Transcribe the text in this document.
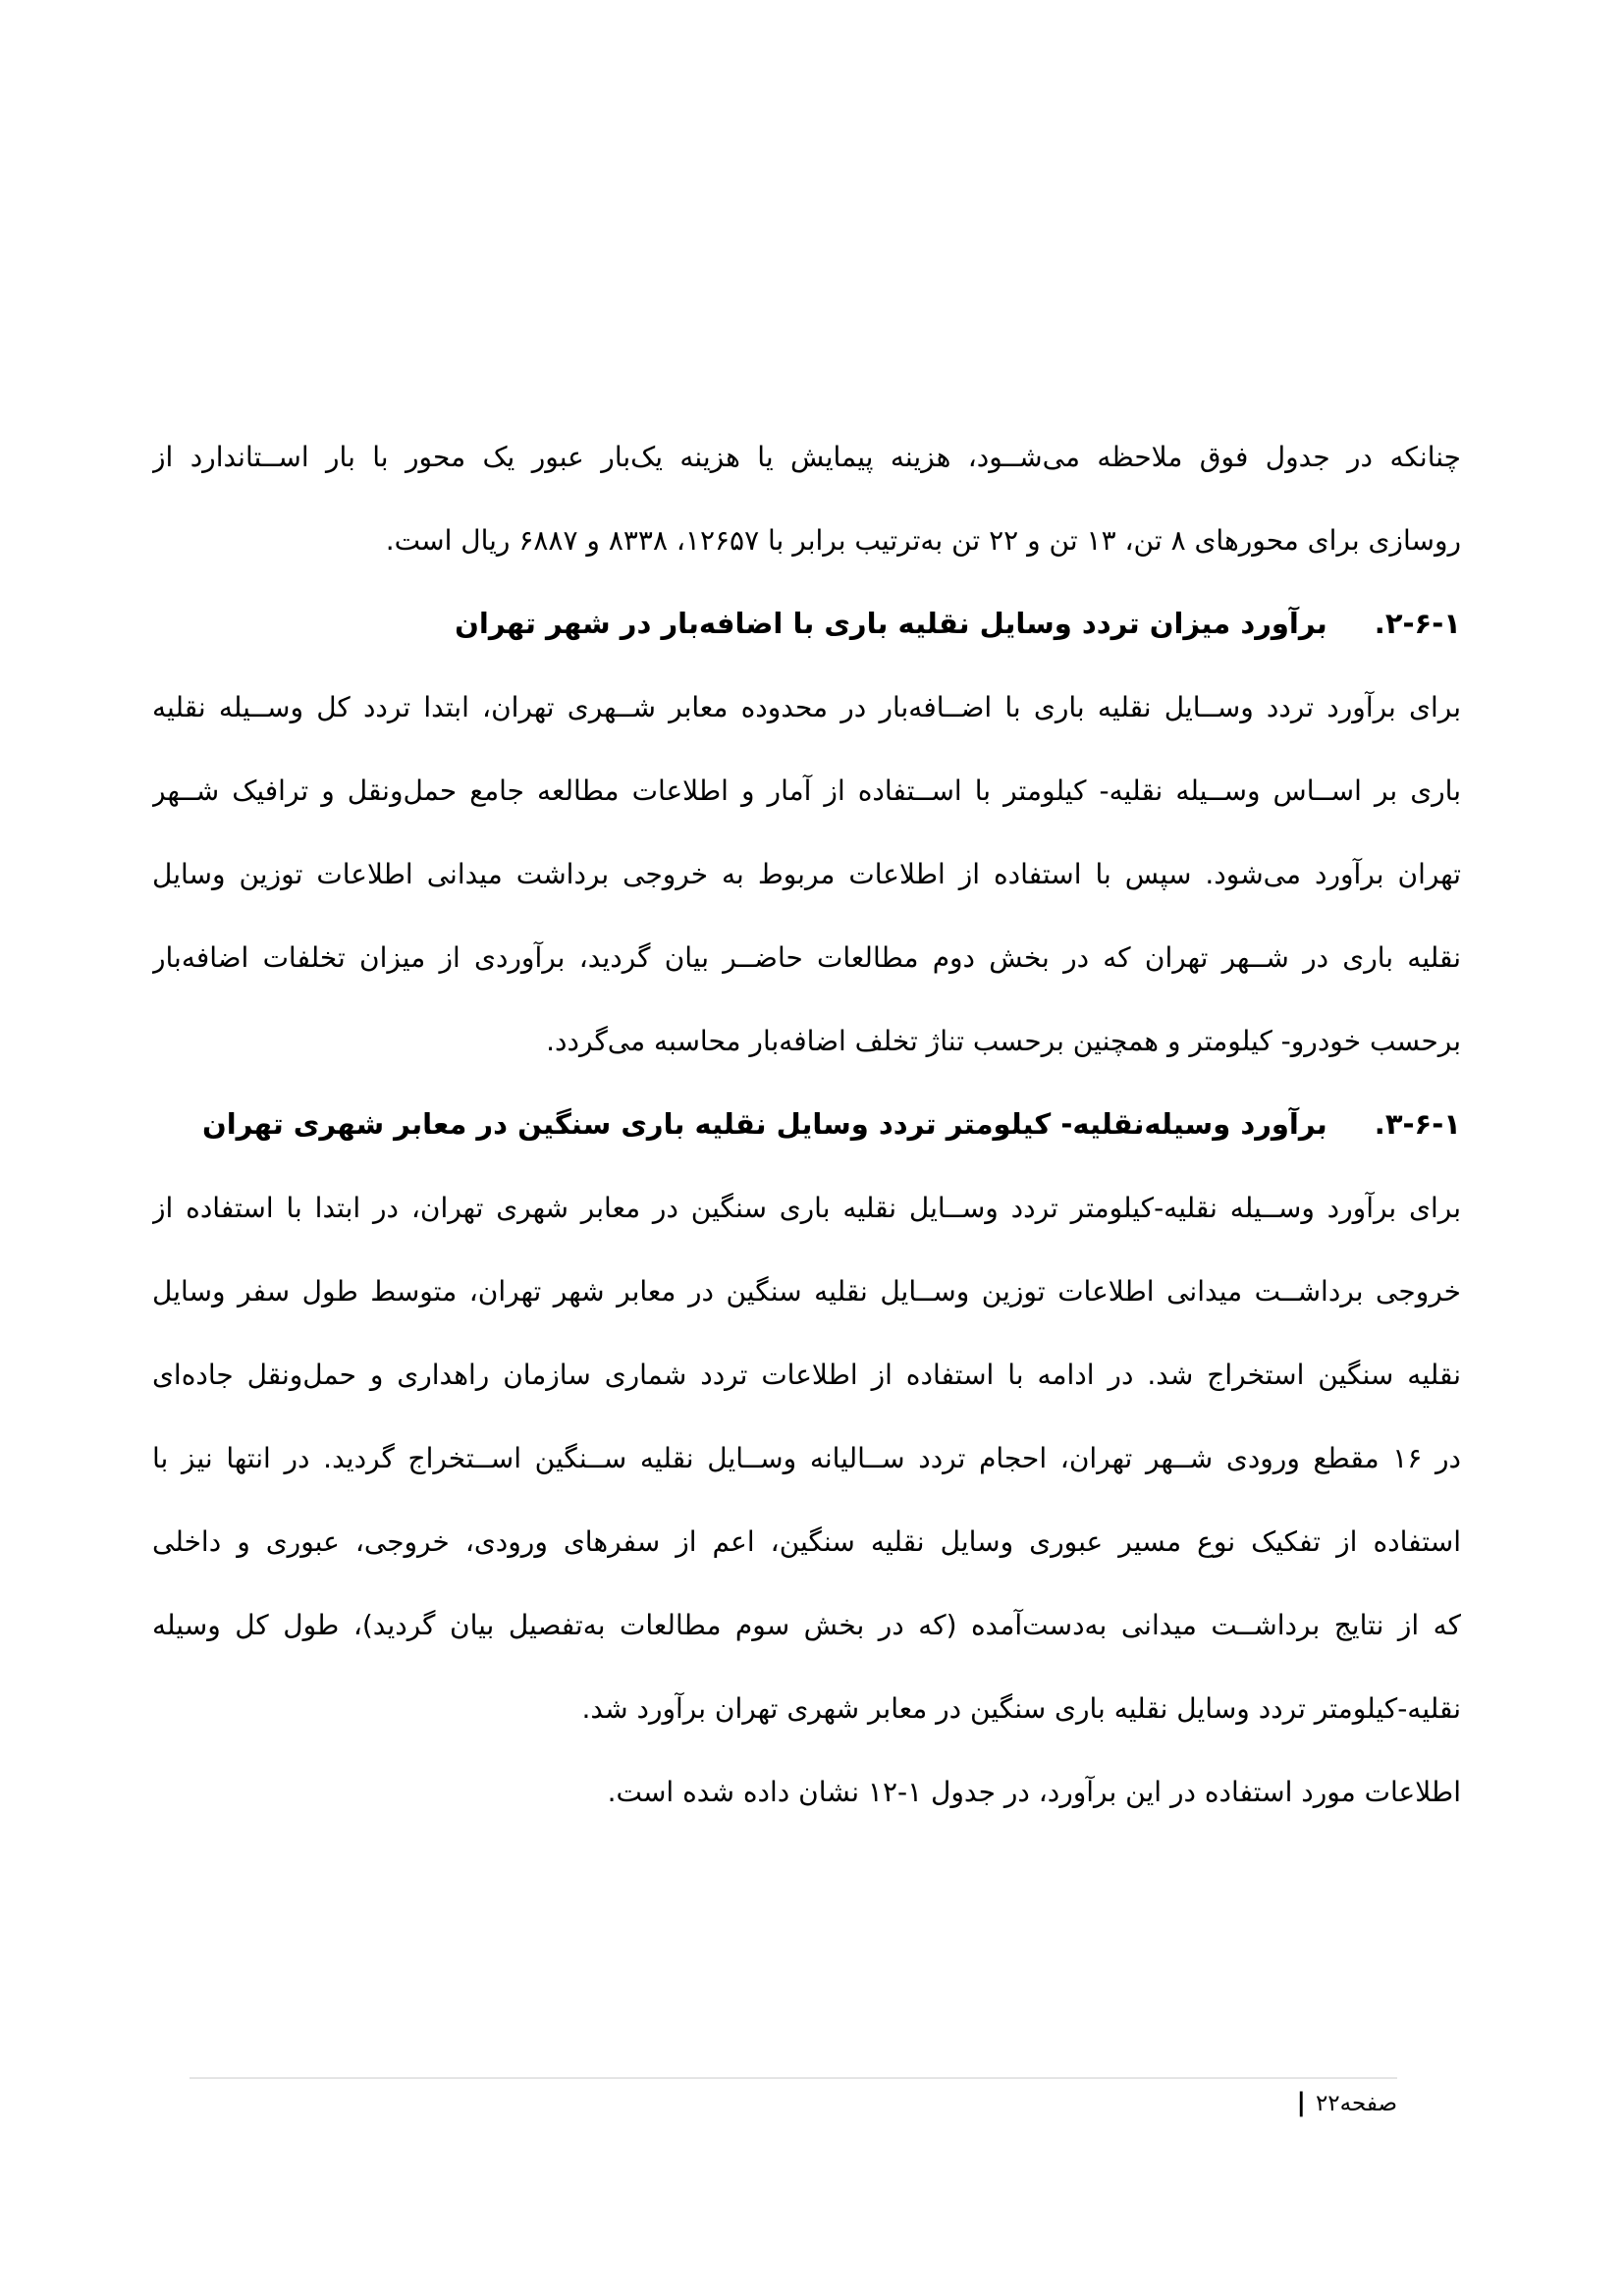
چنانکه در جدول فوق ملاحظه می‌شــود، هزینه پیمایش یا هزینه یک‌بار عبور یک محور با بار اســتاندارد از
روسازی برای محورهای ۸ تن، ۱۳ تن و ۲۲ تن به‌ترتیب برابر با ۱۲۶۵۷، ۸۳۳۸ و ۶۸۸۷ ریال است.
.۲-۶-۱برآورد میزان تردد وسایل نقلیه باری با اضافه‌بار در شهر تهران
برای برآورد تردد وســایل نقلیه باری با اضــافه‌بار در محدوده معابر شــهری تهران، ابتدا تردد کل وســیله نقلیه
باری بر اســاس وســیله نقلیه- کیلومتر با اســتفاده از آمار و اطلاعات مطالعه جامع حمل‌ونقل و ترافیک شــهر
تهران برآورد می‌شود. سپس با استفاده از اطلاعات مربوط به خروجی برداشت میدانی اطلاعات توزین وسایل
نقلیه باری در شــهر تهران که در بخش دوم مطالعات حاضــر بیان گردید، برآوردی از میزان تخلفات اضافه‌بار
برحسب خودرو- کیلومتر و همچنین برحسب تناژ تخلف اضافه‌بار محاسبه می‌گردد.
.۳-۶-۱برآورد وسیله‌نقلیه- کیلومتر تردد وسایل نقلیه باری سنگین در معابر شهری تهران
برای برآورد وســیله نقلیه-کیلومتر تردد وســایل نقلیه باری سنگین در معابر شهری تهران، در ابتدا با استفاده از
خروجی برداشــت میدانی اطلاعات توزین وســایل نقلیه سنگین در معابر شهر تهران، متوسط طول سفر وسایل
نقلیه سنگین استخراج شد. در ادامه با استفاده از اطلاعات تردد شماری سازمان راهداری و حمل‌ونقل جاده‌ای
در ۱۶ مقطع ورودی شــهر تهران، احجام تردد ســالیانه وســایل نقلیه ســنگین اســتخراج گردید. در انتها نیز با
استفاده از تفکیک نوع مسیر عبوری وسایل نقلیه سنگین، اعم از سفرهای ورودی، خروجی، عبوری و داخلی
که از نتایج برداشــت میدانی به‌دست‌آمده (که در بخش سوم مطالعات به‌تفصیل بیان گردید)، طول کل وسیله
نقلیه-کیلومتر تردد وسایل نقلیه باری سنگین در معابر شهری تهران برآورد شد.
اطلاعات مورد استفاده در این برآورد، در جدول ۱۲-۱ نشان داده شده است.
صفحه۲۲|
